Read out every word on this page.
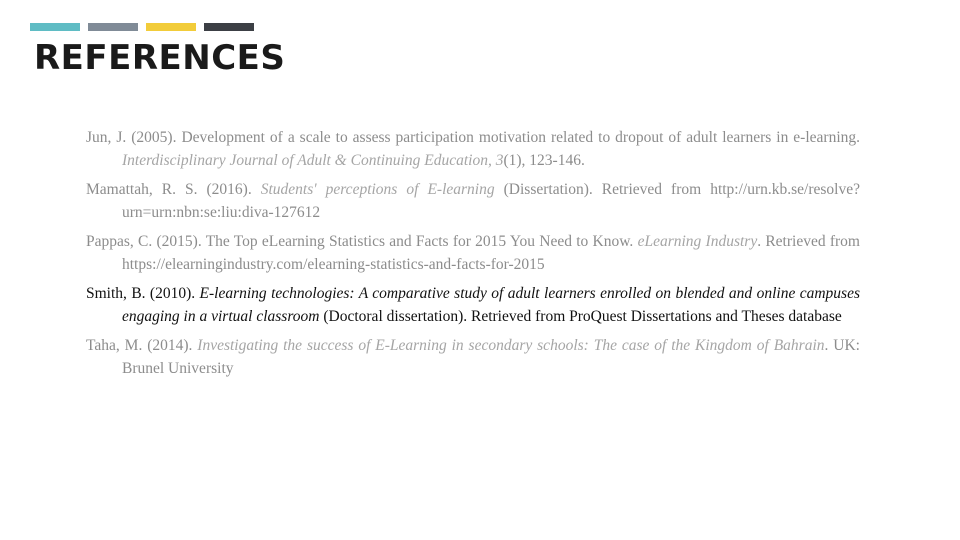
REFERENCES

Jun, J. (2005). Development of a scale to assess participation motivation related to dropout of adult learners in e-learning. Interdisciplinary Journal of Adult & Continuing Education, 3(1), 123-146.

Mamattah, R. S. (2016). Students' perceptions of E-learning (Dissertation). Retrieved from http://urn.kb.se/resolve?urn=urn:nbn:se:liu:diva-127612

Pappas, C. (2015). The Top eLearning Statistics and Facts for 2015 You Need to Know. eLearning Industry. Retrieved from https://elearningindustry.com/elearning-statistics-and-facts-for-2015

Smith, B. (2010). E-learning technologies: A comparative study of adult learners enrolled on blended and online campuses engaging in a virtual classroom (Doctoral dissertation). Retrieved from ProQuest Dissertations and Theses database

Taha, M. (2014). Investigating the success of E-Learning in secondary schools: The case of the Kingdom of Bahrain. UK: Brunel University
